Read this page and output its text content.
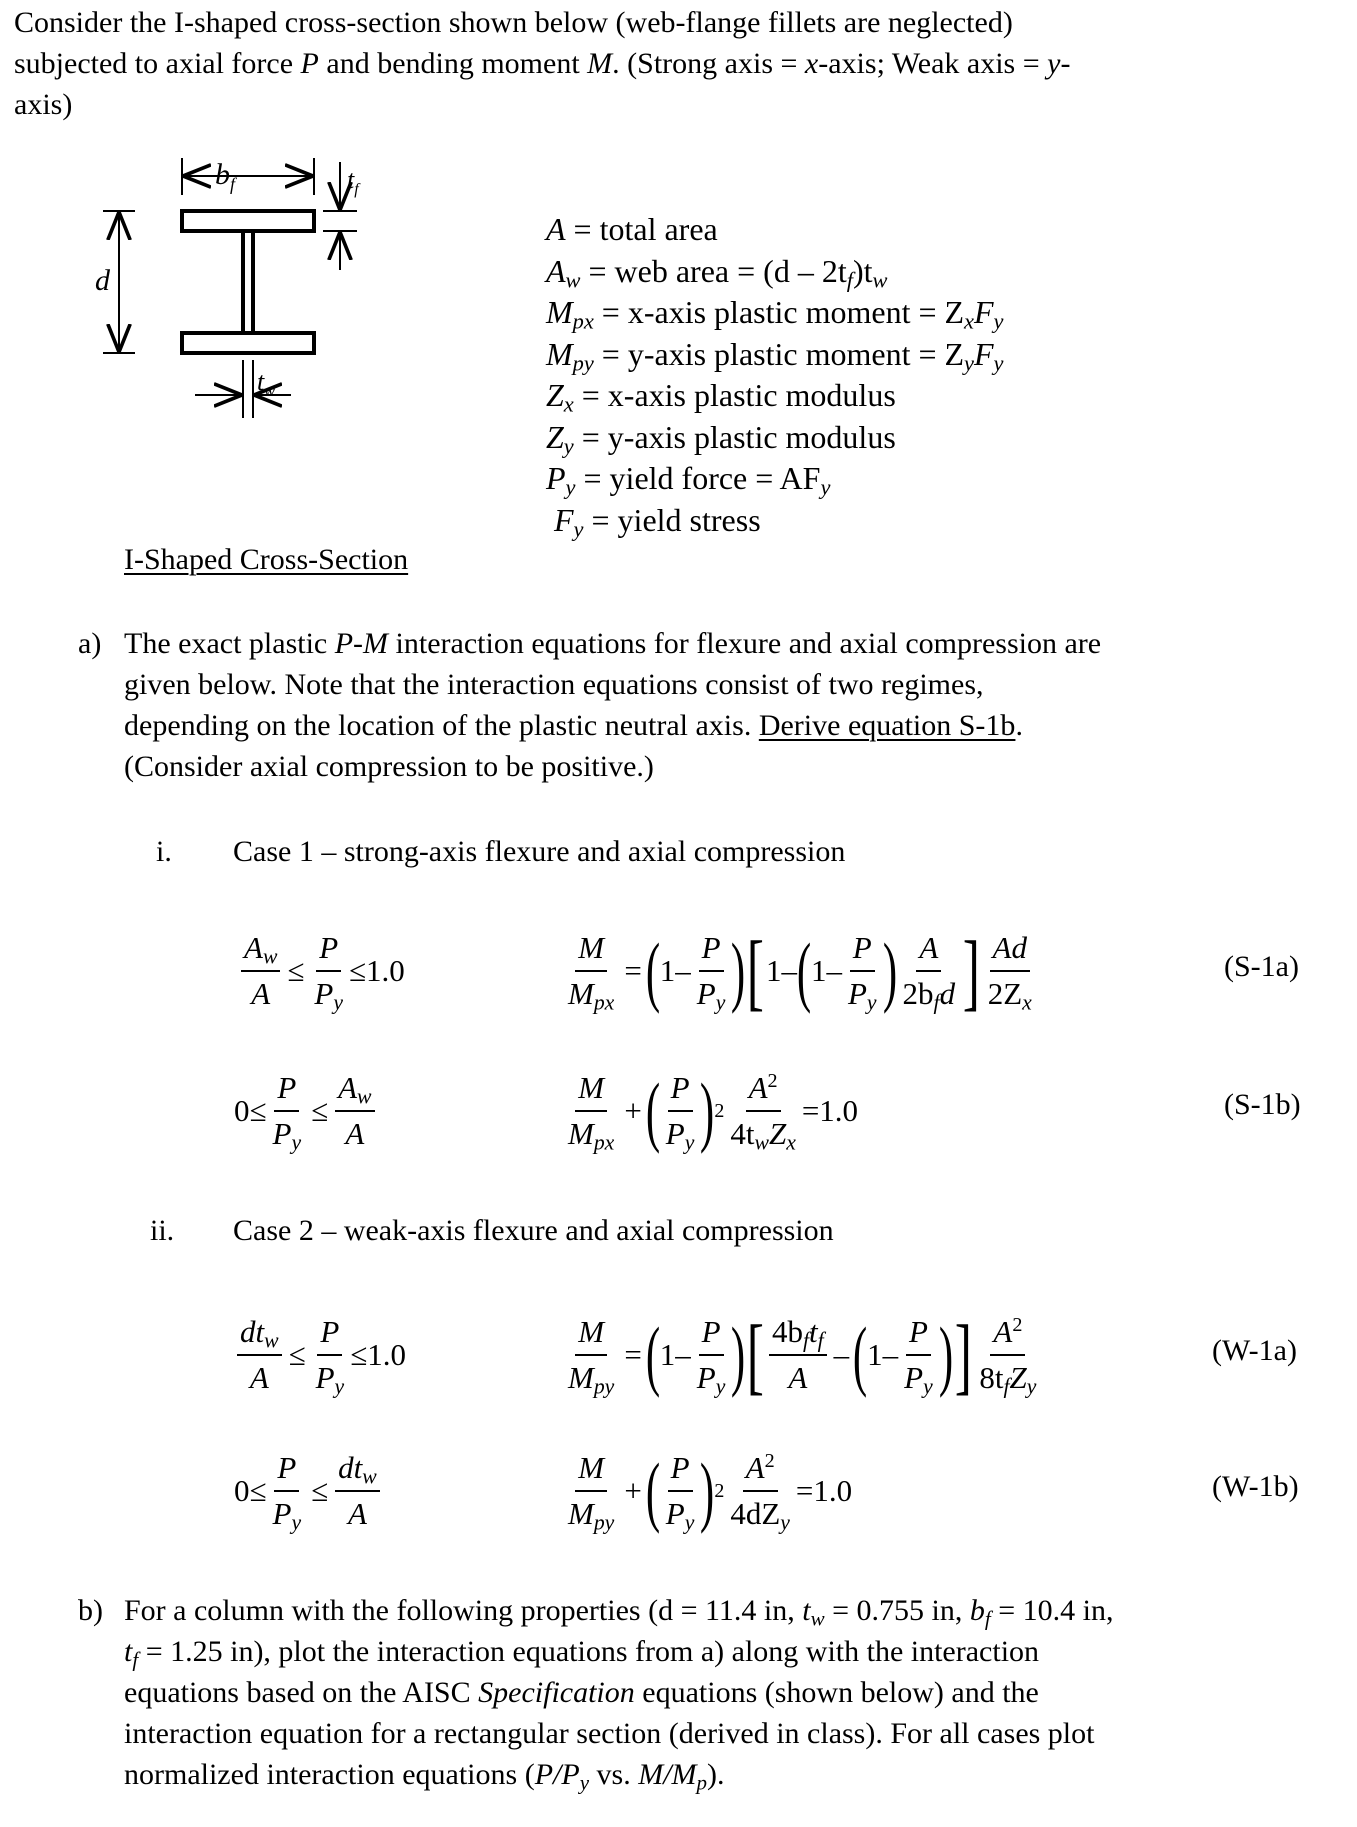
Consider the I-shaped cross-section shown below (web-flange fillets are neglected)
subjected to axial force P and bending moment M. (Strong axis = x-axis; Weak axis = y-
axis)
$b_f$	$t_f$
d
$t_w$
I-Shaped Cross-Section
A = total area
$A_w$ = web area = $(d - 2t_f)t_w$
$M_{px}$ = x-axis plastic moment = $Z_xF_y$
$M_{py}$ = y-axis plastic moment = $Z_yF_y$
$Z_x$ = x-axis plastic modulus
$Z_y$ = y-axis plastic modulus
$P_y$ = yield force = $AF_y$
$F_y$ = yield stress
a) The exact plastic P-M interaction equations for flexure and axial compression are
given below. Note that the interaction equations consist of two regimes,
depending on the location of the plastic neutral axis. Derive equation S-1b.
(Consider axial compression to be positive.)
i. Case 1 – strong-axis flexure and axial compression
$\frac{A_w}{A} \le \frac{P}{P_y} \le 1.0$
M
$M_{px}$
= ( 1–
P
$P_y$ ) [ 1– ( 1–
P
$P_y$ ) A
$2b_fd$ ] Ad
$2Z_x$
(S-1a)
$0\le \frac{P}{P_y} \le \frac{A_w}{A}$	M
$M_{px}$
+ ( P
$P_y$ ) 2
$A^2$
$4t_wZ_x$
=1.0	(S-1b)
ii. Case 2 – weak-axis flexure and axial compression
$dt_w$
A
≤ $\frac{P}{P_y} \le 1.0$
M
$M_{py}$
= ( 1–
P
$P_y$ ) [ $4b_ft_f$
A
– ( 1–
P
$P_y$ ) ] $A^2$
$8t_fZ_y$
(W-1a)
$0\le \frac{P}{P_y}$ ≤
$dt_w$
A
M
$M_{py}$
+ ( P
$P_y$ ) 2
$A^2$
$4dZ_y$
=1.0	(W-1b)
b) For a column with the following properties (d = 11.4 in, $t_w = 0.755$ in, $b_f = 10.4$ in,
$t_f = 1.25$ in), plot the interaction equations from a) along with the interaction
equations based on the AISC Specification equations (shown below) and the
interaction equation for a rectangular section (derived in class). For all cases plot
normalized interaction equations ($P/P_y$ vs. $M/M_p$).
